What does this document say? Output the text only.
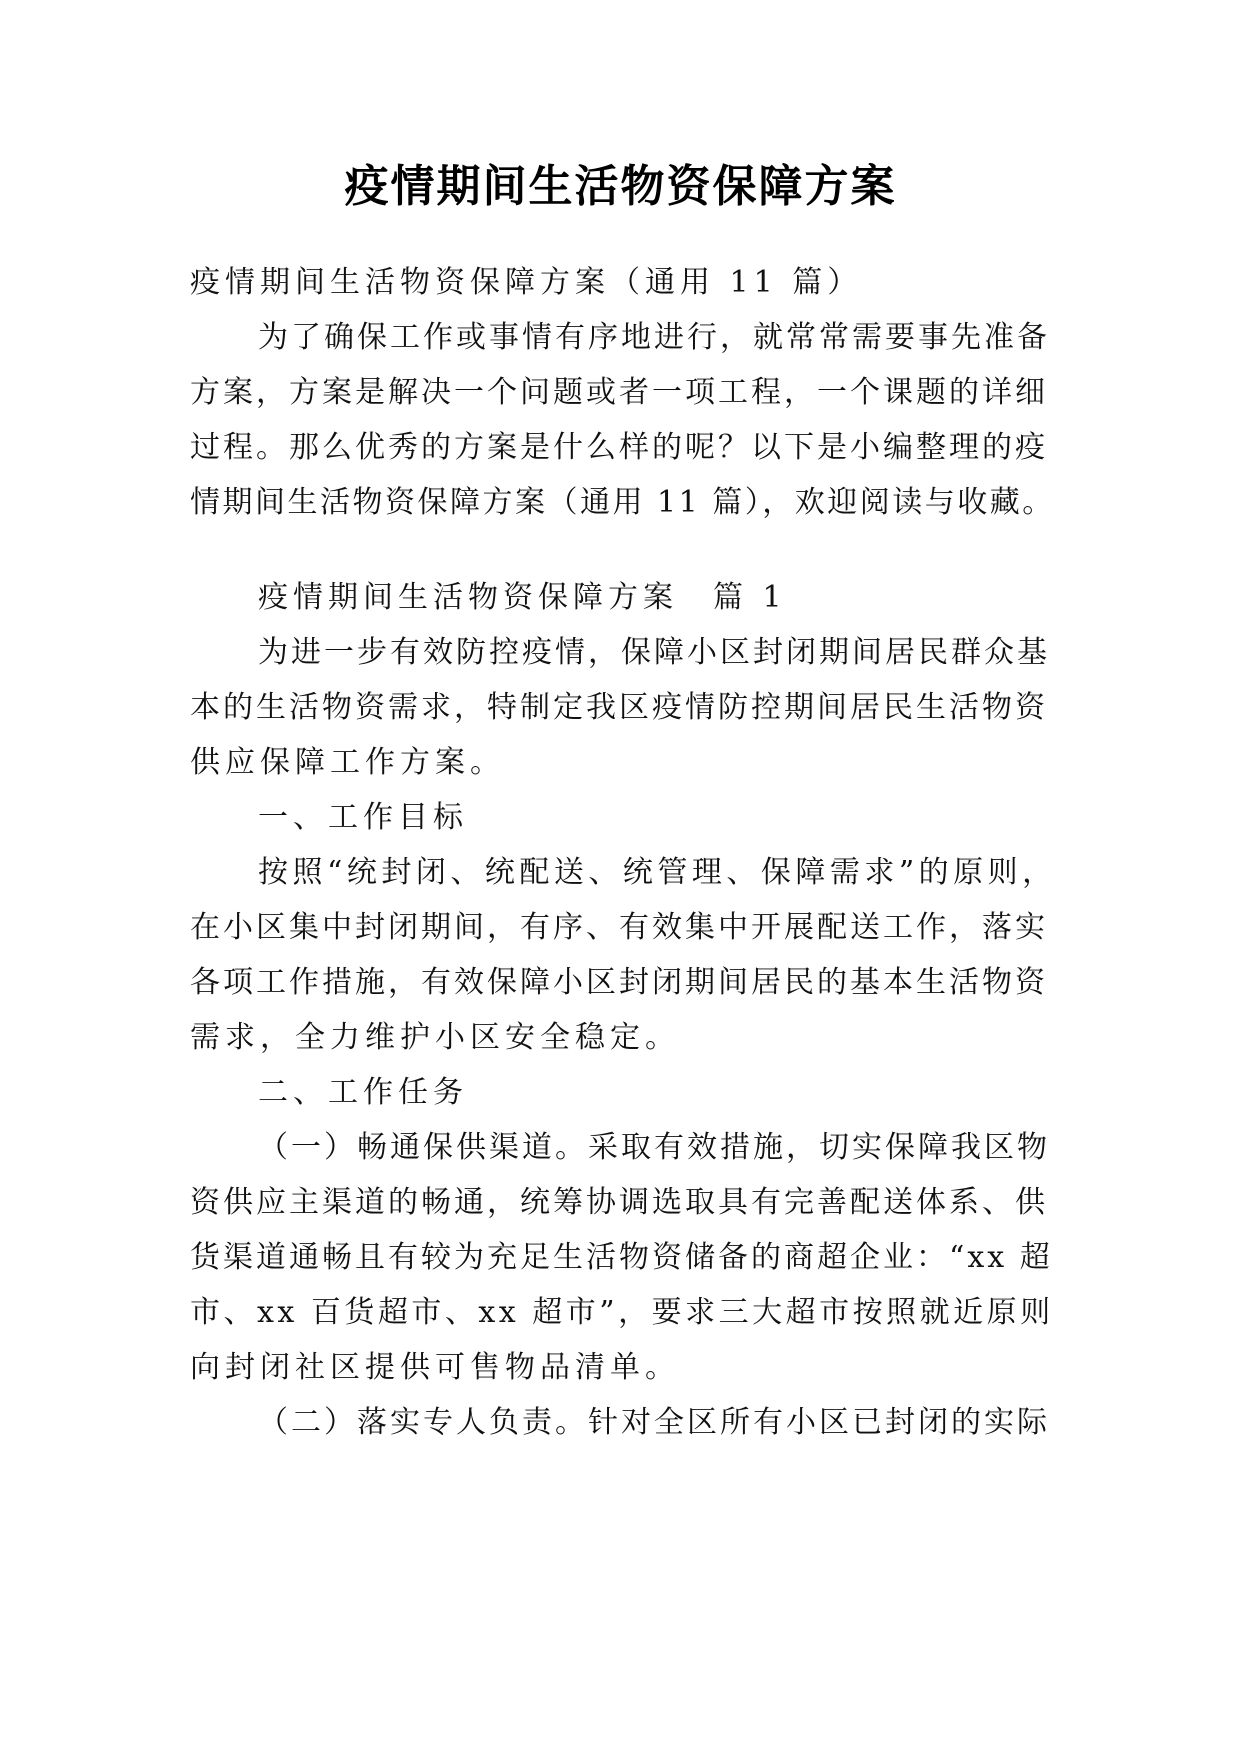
疫情期间生活物资保障方案
疫情期间生活物资保障方案（通用 11 篇）
为了确保工作或事情有序地进行，就常常需要事先准备
方案，方案是解决一个问题或者一项工程，一个课题的详细
过程。那么优秀的方案是什么样的呢？以下是小编整理的疫
情期间生活物资保障方案（通用 11 篇），欢迎阅读与收藏。
疫情期间生活物资保障方案　篇 1
为进一步有效防控疫情，保障小区封闭期间居民群众基
本的生活物资需求，特制定我区疫情防控期间居民生活物资
供应保障工作方案。
一、工作目标
按照“统封闭、统配送、统管理、保障需求”的原则，
在小区集中封闭期间，有序、有效集中开展配送工作，落实
各项工作措施，有效保障小区封闭期间居民的基本生活物资
需求，全力维护小区安全稳定。
二、工作任务
（一）畅通保供渠道。采取有效措施，切实保障我区物
资供应主渠道的畅通，统筹协调选取具有完善配送体系、供
货渠道通畅且有较为充足生活物资储备的商超企业：“xx 超
市、xx 百货超市、xx 超市”，要求三大超市按照就近原则
向封闭社区提供可售物品清单。
（二）落实专人负责。针对全区所有小区已封闭的实际
